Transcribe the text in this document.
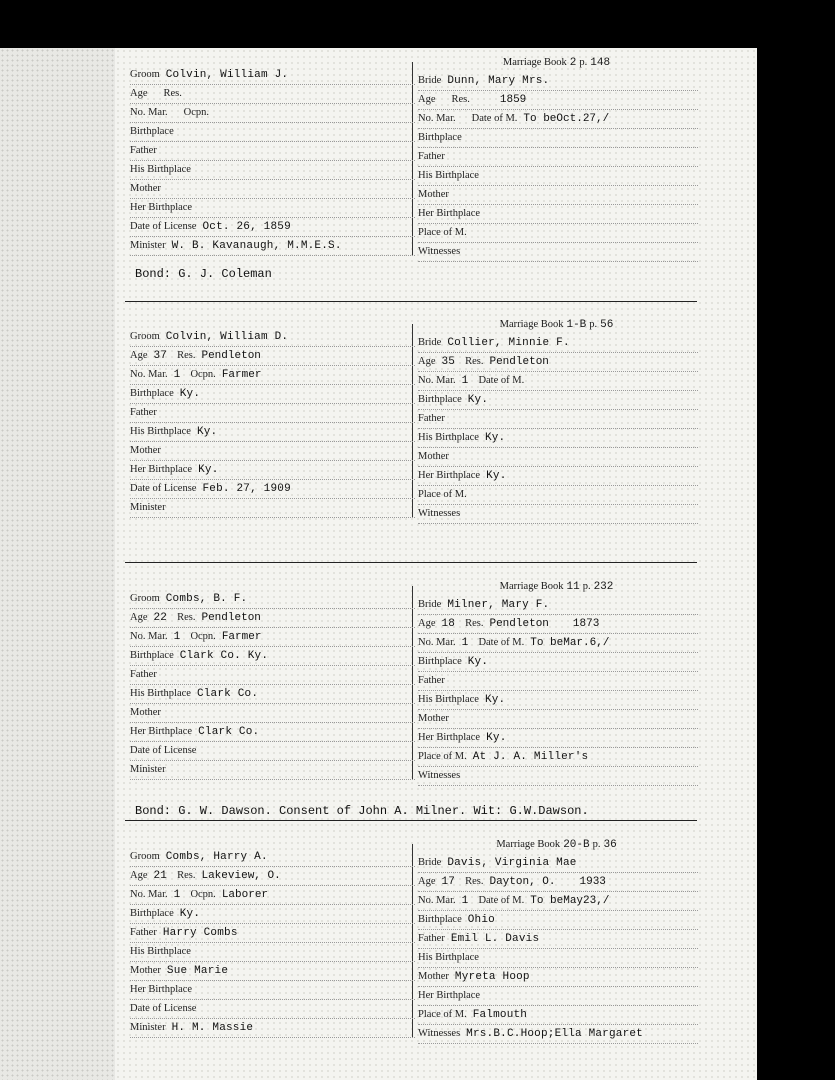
Groom Colvin, William J.
Age Res.
No. Mar. Ocpn.
Birthplace
Father
His Birthplace
Mother
Her Birthplace
Date of License Oct. 26, 1859
Minister W. B. Kavanaugh, M.M.E.S.
Marriage Book 2 p. 148
Bride Dunn, Mary Mrs.
Age Res.	1859
No. Mar. Date of M. To beOct.27,/
Birthplace
Father
His Birthplace
Mother
Her Birthplace
Place of M.
Witnesses
Bond: G. J. Coleman
Groom Colvin, William D.
Age 37 Res. Pendleton
No. Mar. 1 Ocpn. Farmer
Birthplace Ky.
Father
His Birthplace Ky.
Mother
Her Birthplace Ky.
Date of License Feb. 27, 1909
Minister
Marriage Book 1-B p. 56
Bride Collier, Minnie F.
Age 35 Res. Pendleton
No. Mar. 1 Date of M.
Birthplace Ky.
Father
His Birthplace Ky.
Mother
Her Birthplace Ky.
Place of M.
Witnesses
Groom Combs, B. F.
Age 22 Res. Pendleton
No. Mar. 1 Ocpn. Farmer
Birthplace Clark Co. Ky.
Father
His Birthplace Clark Co.
Mother
Her Birthplace Clark Co.
Date of License
Minister
Marriage Book 11 p. 232
Bride Milner, Mary F.
Age 18 Res. Pendleton 1873
No. Mar. 1 Date of M. To beMar.6,/
Birthplace Ky.
Father
His Birthplace Ky.
Mother
Her Birthplace Ky.
Place of M. At J. A. Miller's
Witnesses
Bond: G. W. Dawson. Consent of John A. Milner. Wit: G.W.Dawson.
Groom Combs, Harry A.
Age 21 Res. Lakeview, O.
No. Mar. 1 Ocpn. Laborer
Birthplace Ky.
Father Harry Combs
His Birthplace
Mother Sue Marie
Her Birthplace
Date of License
Minister H. M. Massie
Marriage Book 20-B p. 36
Bride Davis, Virginia Mae
Age 17 Res. Dayton, O. 1933
No. Mar. 1 Date of M. To beMay23,/
Birthplace Ohio
Father Emil L. Davis
His Birthplace
Mother Myreta Hoop
Her Birthplace
Place of M. Falmouth
Witnesses Mrs.B.C.Hoop;Ella Margaret
